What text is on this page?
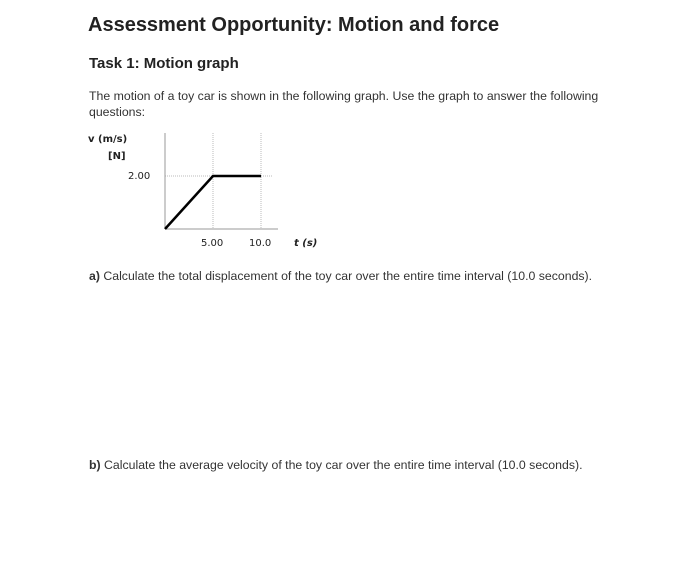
Assessment Opportunity: Motion and force
Task 1: Motion graph
The motion of a toy car is shown in the following graph. Use the graph to answer the following questions:
v (m/s)
[N]
2.00
5.00	10.0 t (s)
a) Calculate the total displacement of the toy car over the entire time interval (10.0 seconds).
b) Calculate the average velocity of the toy car over the entire time interval (10.0 seconds).
